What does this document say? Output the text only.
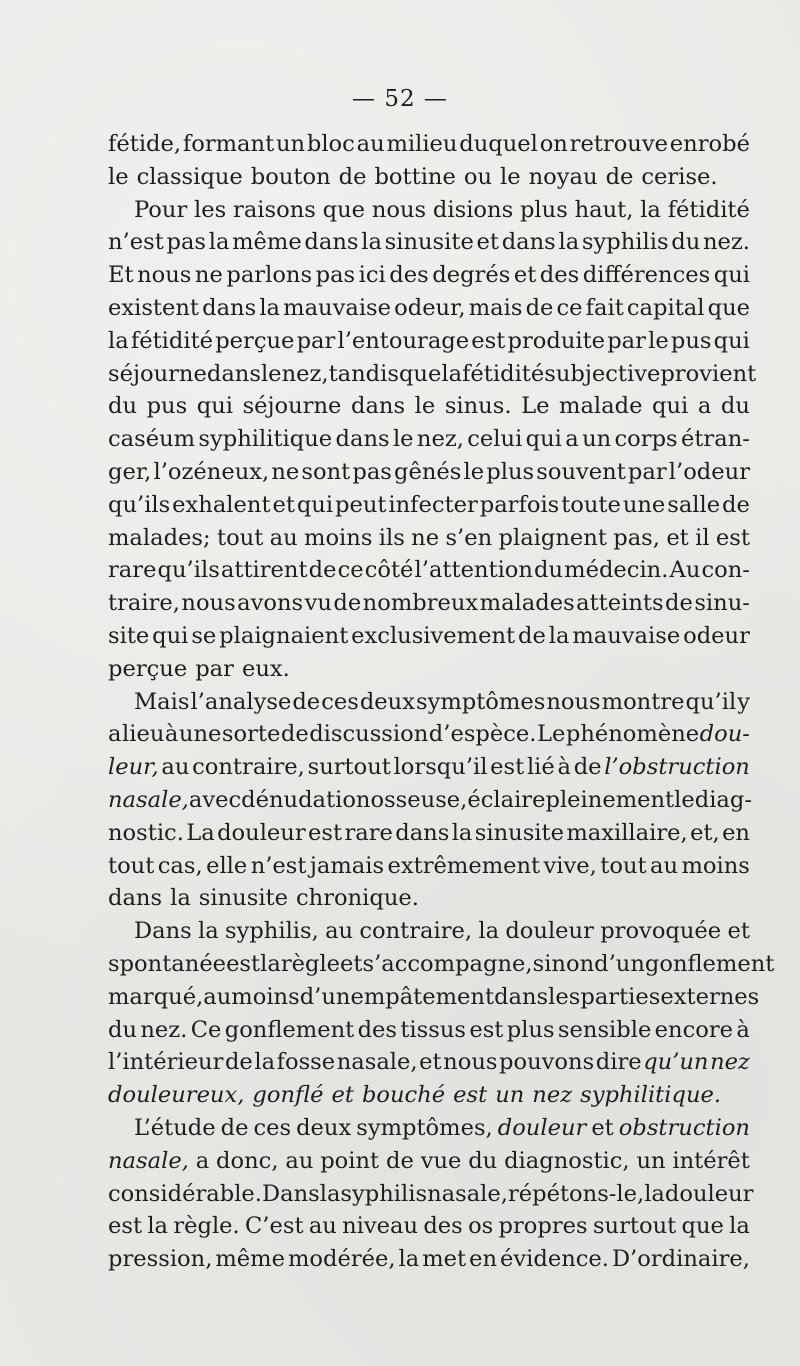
— 52 —
fétide, formant un bloc au milieu duquel on retrouve enrobé
le classique bouton de bottine ou le noyau de cerise.
Pour les raisons que nous disions plus haut, la fétidité
n’est pas la même dans la sinusite et dans la syphilis du nez.
Et nous ne parlons pas ici des degrés et des différences qui
existent dans la mauvaise odeur, mais de ce fait capital que
la fétidité perçue par l’entourage est produite par le pus qui
séjourne dans le nez, tandis que la fétidité subjective provient
du pus qui séjourne dans le sinus. Le malade qui a du
caséum syphilitique dans le nez, celui qui a un corps étran-
ger, l’ozéneux, ne sont pas gênés le plus souvent par l’odeur
qu’ils exhalent et qui peut infecter parfois toute une salle de
malades; tout au moins ils ne s’en plaignent pas, et il est
rare qu’ils attirent de ce côté l’attention du médecin. Au con-
traire, nous avons vu de nombreux malades atteints de sinu-
site qui se plaignaient exclusivement de la mauvaise odeur
perçue par eux.
Mais l’analyse de ces deux symptômes nous montre qu’il y
a lieu à une sorte de discussion d’espèce. Le phénomène dou-
leur, au contraire, surtout lorsqu’il est lié à de l’obstruction
nasale, avec dénudation osseuse, éclaire pleinement le diag-
nostic. La douleur est rare dans la sinusite maxillaire, et, en
tout cas, elle n’est jamais extrêmement vive, tout au moins
dans la sinusite chronique.
Dans la syphilis, au contraire, la douleur provoquée et
spontanée est la règle et s’accompagne, sinon d’un gonflement
marqué, au moins d’un empâtement dans les parties externes
du nez. Ce gonflement des tissus est plus sensible encore à
l’intérieur de la fosse nasale, et nous pouvons dire qu’un nez
douleureux, gonflé et bouché est un nez syphilitique.
L’étude de ces deux symptômes, douleur et obstruction
nasale, a donc, au point de vue du diagnostic, un intérêt
considérable. Dans la syphilis nasale, répétons-le, la douleur
est la règle. C’est au niveau des os propres surtout que la
pression, même modérée, la met en évidence. D’ordinaire,
